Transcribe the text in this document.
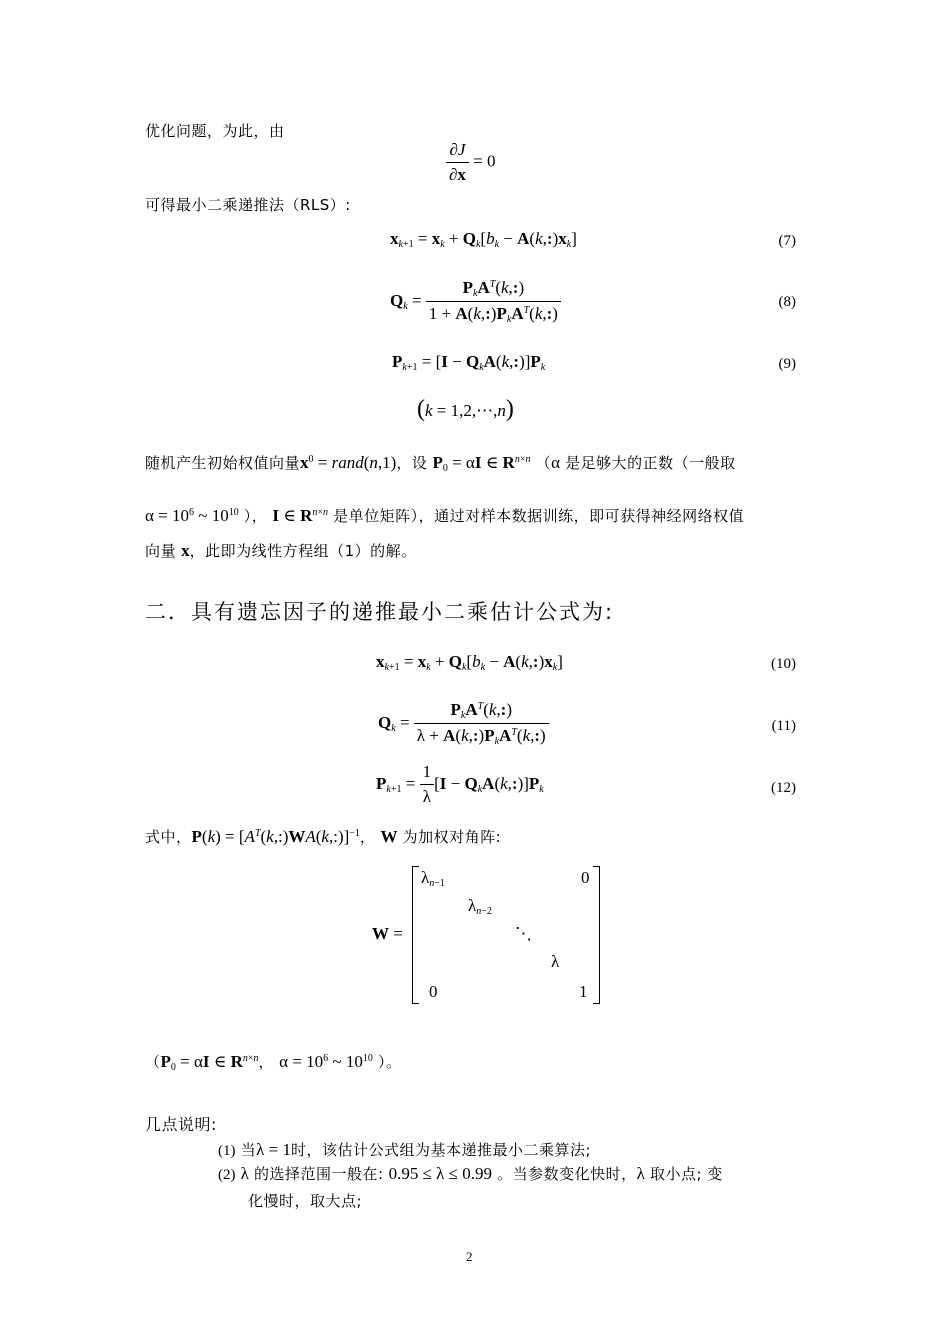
优化问题，为此，由
$\frac{\partial J}{\partial x} = 0$
可得最小二乘递推法（RLS）:
$x_{k+1} = x_k + Q_k[b_k$ − $A(k,:)x_k$]	(7)
$Q_k = \frac{P_kA^T(k,:)}{1 + A(k,:)P_kA^T(k,:)}$	(8)
$P_{k+1} = [I$ − $Q_kA(k,:)]P_k$	(9)
(k = 1,2,⋯,n)
随机产生初始权值向量$x^0$ = rand(n,1)，设 $P_0 = \alpha I$ ∈ $R^{n\times n}$ （α 是足够大的正数（一般取
$\alpha = 10^6$ ~ $10^{10}$ ）， I ∈ $R^{n\times n}$ 是单位矩阵），通过对样本数据训练，即可获得神经网络权值
向量 x，此即为线性方程组（1）的解。
二．具有遗忘因子的递推最小二乘估计公式为:
$x_{k+1} = x_k + Q_k[b_k$ − $A(k,:)x_k$]	(10)
$Q_k = \frac{P_kA^T(k,:)}{\lambda + A(k,:)P_kA^T(k,:)}$	(11)
$P_{k+1} = \frac{1}{\lambda} [I$ − $Q_kA(k,:)]P_k$	(12)
式中，$P(k) = [A^T(k,:)WA(k,:)]^{-1}$， W 为加权对角阵:
W =
$\lambda_{n-1}$	0
$\lambda_{n-2}$
⋱
λ
0	1
（$P_0 = \alpha I$ ∈ $R^{n\times n}$， $\alpha = 10^6$ ~ $10^{10}$ ）。
几点说明:
(1) 当λ = 1时，该估计公式组为基本递推最小二乘算法;
(2) λ 的选择范围一般在: 0.95 ≤ λ ≤ 0.99 。当参数变化快时，λ 取小点; 变
化慢时，取大点;
2
